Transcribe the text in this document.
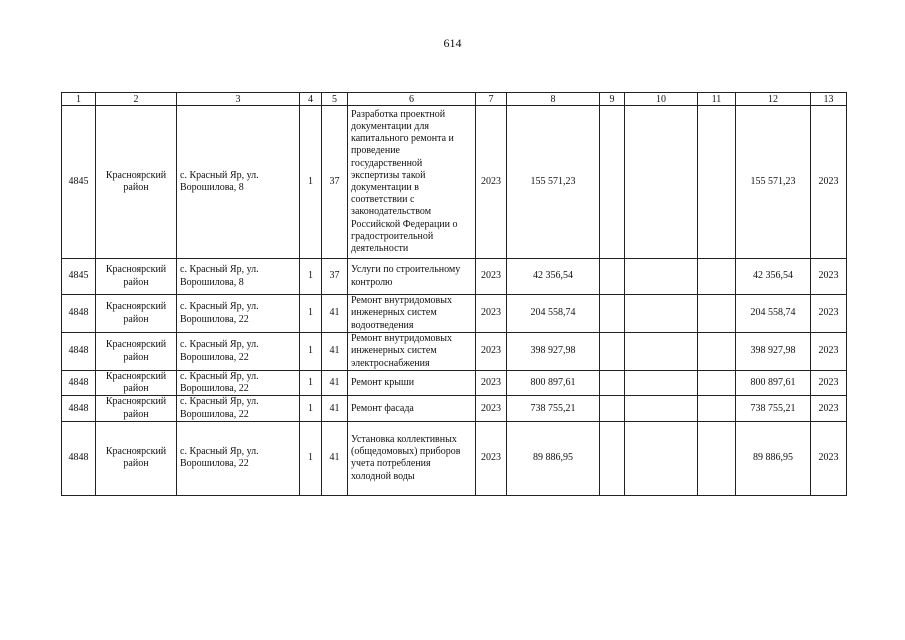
614
1	2	3	4	5	6	7	8	9	10	11	12	13
4845	Красноярский район	с. Красный Яр, ул. Ворошилова, 8	1	37	Разработка проектной документации для капитального ремонта и проведение государственной экспертизы такой документации в соответствии с законодательством Российской Федерации о градостроительной деятельности	2023	155 571,23				155 571,23	2023
4845	Красноярский район	с. Красный Яр, ул. Ворошилова, 8	1	37	Услуги по строительному контролю	2023	42 356,54				42 356,54	2023
4848	Красноярский район	с. Красный Яр, ул. Ворошилова, 22	1	41	Ремонт внутридомовых инженерных систем водоотведения	2023	204 558,74				204 558,74	2023
4848	Красноярский район	с. Красный Яр, ул. Ворошилова, 22	1	41	Ремонт внутридомовых инженерных систем электроснабжения	2023	398 927,98				398 927,98	2023
4848	Красноярский район	с. Красный Яр, ул. Ворошилова, 22	1	41	Ремонт крыши	2023	800 897,61				800 897,61	2023
4848	Красноярский район	с. Красный Яр, ул. Ворошилова, 22	1	41	Ремонт фасада	2023	738 755,21				738 755,21	2023
4848	Красноярский район	с. Красный Яр, ул. Ворошилова, 22	1	41	Установка коллективных (общедомовых) приборов учета потребления холодной воды	2023	89 886,95				89 886,95	2023
